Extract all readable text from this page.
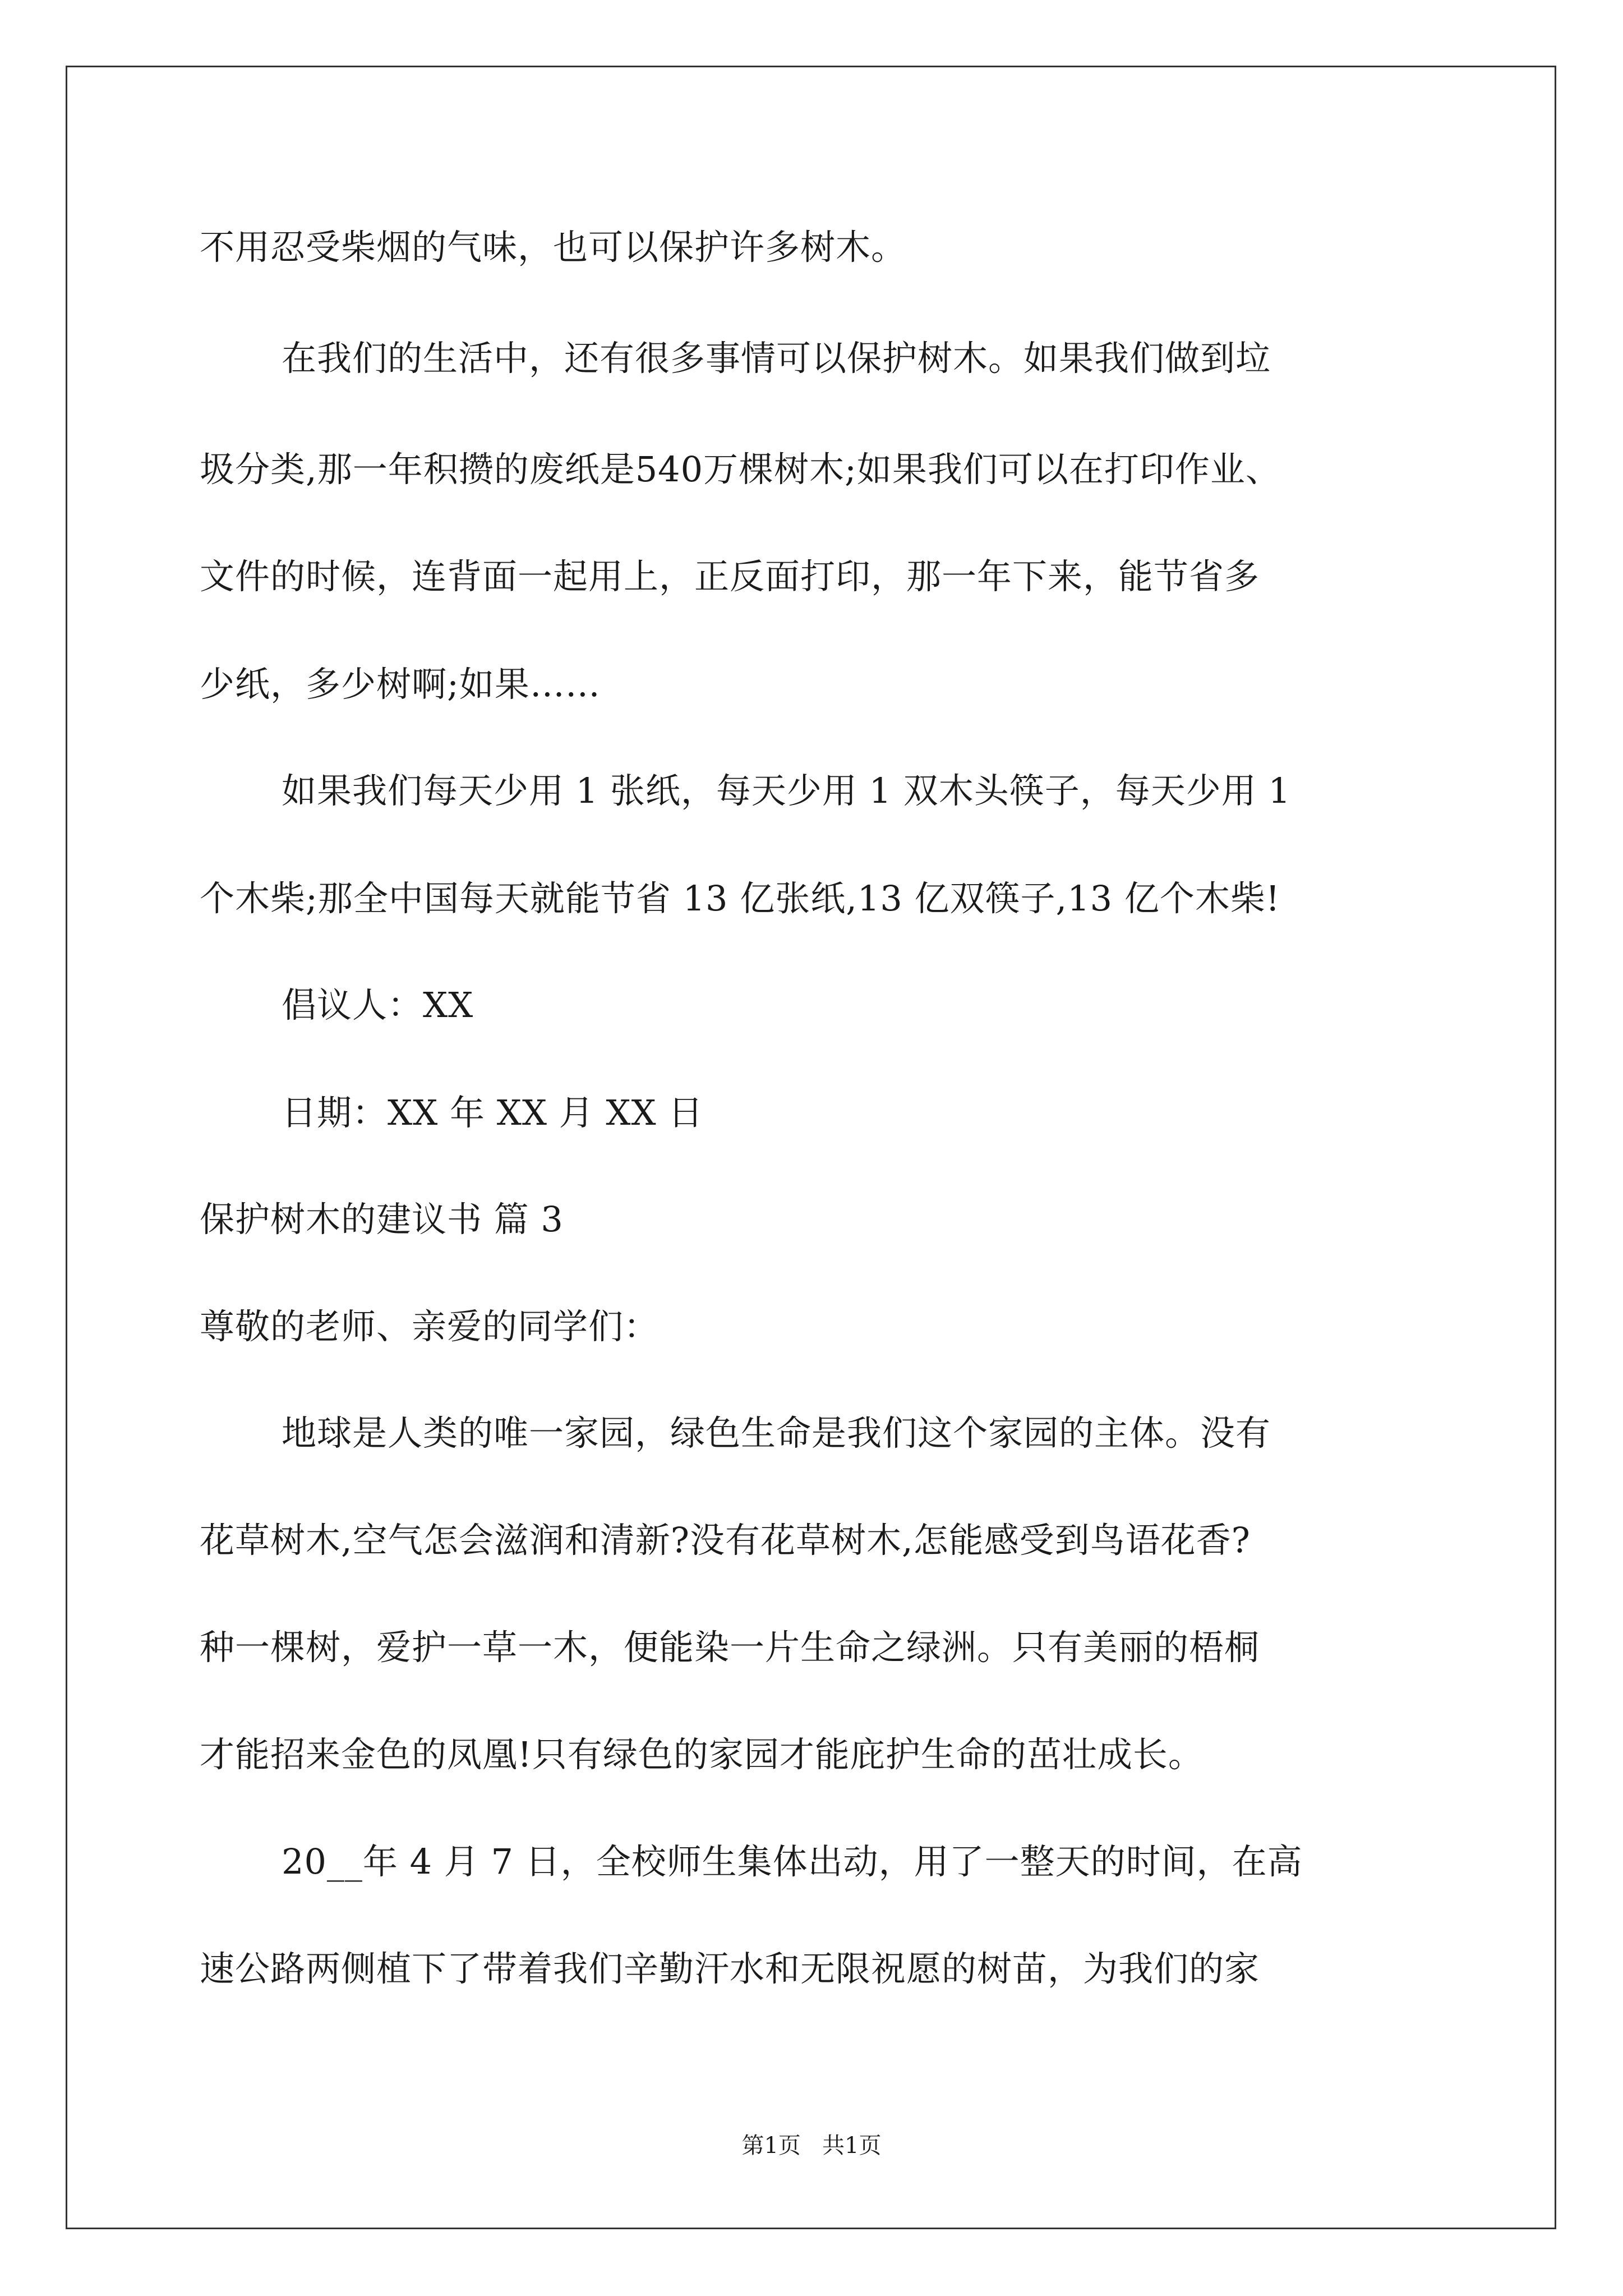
不用忍受柴烟的气味，也可以保护许多树木。
在我们的生活中，还有很多事情可以保护树木。如果我们做到垃
圾分类,那一年积攒的废纸是540万棵树木;如果我们可以在打印作业、
文件的时候，连背面一起用上，正反面打印，那一年下来，能节省多
少纸，多少树啊;如果……
如果我们每天少用 1 张纸，每天少用 1 双木头筷子，每天少用 1
个木柴;那全中国每天就能节省 13 亿张纸,13 亿双筷子,13 亿个木柴!
倡议人：XX
日期：XX 年 XX 月 XX 日
保护树木的建议书 篇 3
尊敬的老师、亲爱的同学们：
地球是人类的唯一家园，绿色生命是我们这个家园的主体。没有
花草树木,空气怎会滋润和清新?没有花草树木,怎能感受到鸟语花香?
种一棵树，爱护一草一木，便能染一片生命之绿洲。只有美丽的梧桐
才能招来金色的凤凰!只有绿色的家园才能庇护生命的茁壮成长。
20__年 4 月 7 日，全校师生集体出动，用了一整天的时间，在高
速公路两侧植下了带着我们辛勤汗水和无限祝愿的树苗，为我们的家
第1页   共1页
